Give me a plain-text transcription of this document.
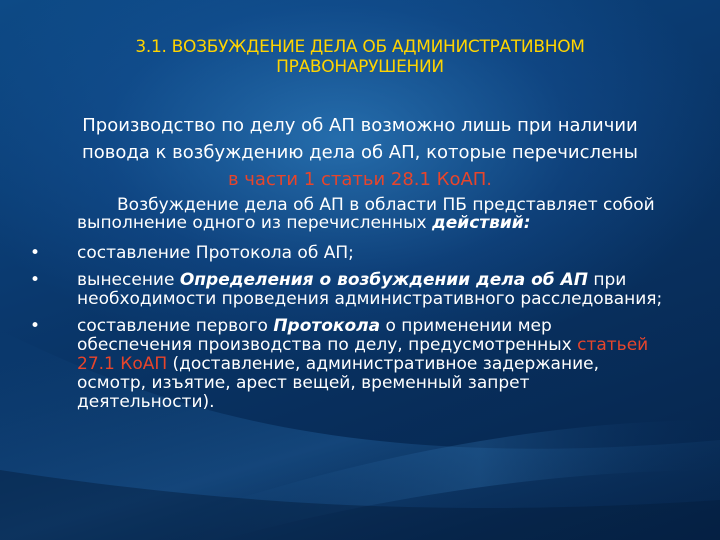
3.1. ВОЗБУЖДЕНИЕ ДЕЛА ОБ АДМИНИСТРАТИВНОМ
ПРАВОНАРУШЕНИИ
Производство по делу об АП возможно лишь при наличии
повода к возбуждению дела об АП, которые перечислены
в части 1 статьи 28.1 КоАП.
Возбуждение дела об АП в области ПБ представляет собой выполнение одного из перечисленных действий:
• составление Протокола об АП;
• вынесение Определения о возбуждении дела об АП при необходимости проведения административного расследования;
• составление первого Протокола о применении мер обеспечения производства по делу, предусмотренных статьей 27.1 КоАП (доставление, административное задержание, осмотр, изъятие, арест вещей, временный запрет деятельности).
